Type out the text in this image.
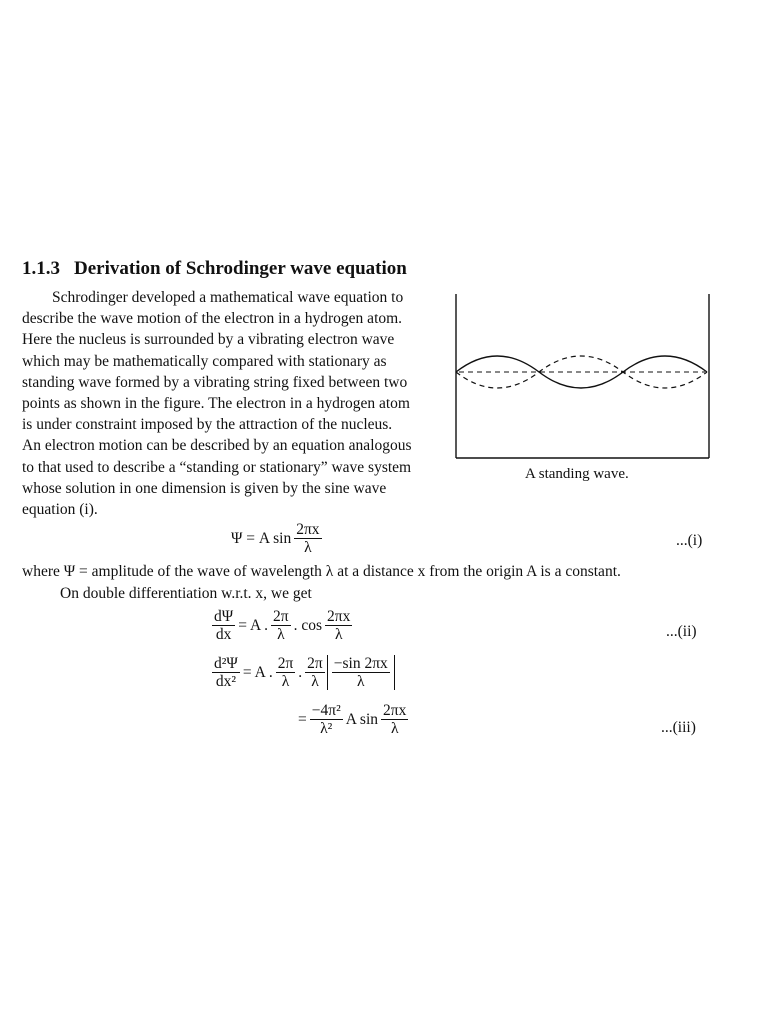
1.1.3 Derivation of Schrodinger wave equation
Schrodinger developed a mathematical wave equation to
describe the wave motion of the electron in a hydrogen atom.
Here the nucleus is surrounded by a vibrating electron wave
which may be mathematically compared with stationary as
standing wave formed by a vibrating string fixed between two
points as shown in the figure. The electron in a hydrogen atom
is under constraint imposed by the attraction of the nucleus.
An electron motion can be described by an equation analogous
to that used to describe a “standing or stationary” wave system
whose solution in one dimension is given by the sine wave
equation (i).
A standing wave.
Ψ = A $\sin \frac{2\pi x}{\lambda}$	...(i)
where Ψ = amplitude of the wave of wavelength λ at a distance x from the origin A is a constant.
On double differentiation w.r.t. x, we get
$\frac{d\Psi}{dx} = A$ . $\frac{2\pi}{\lambda}$ . $\cos \frac{2\pi x}{\lambda}$	...(ii)
$\frac{\text{d²Ψ}}{\text{dx²}} = A$ . $\frac{2\pi}{\lambda}$ . $\frac{2\pi}{\lambda} \frac{-\sin 2\pi x}{\lambda}$
= $\frac{\text{−4π²}}{\text{λ²}}$ A $\sin \frac{2\pi x}{\lambda}$	...(iii)
